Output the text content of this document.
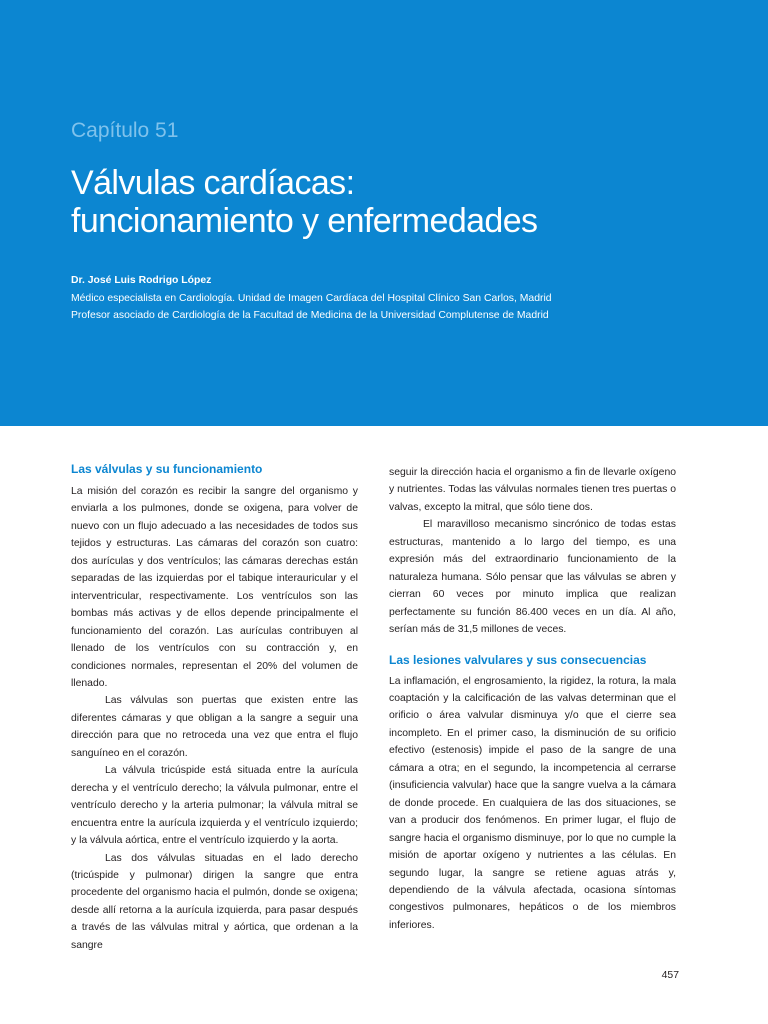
Capítulo 51
Válvulas cardíacas:
funcionamiento y enfermedades
Dr. José Luis Rodrigo López
Médico especialista en Cardiología. Unidad de Imagen Cardíaca del Hospital Clínico San Carlos, Madrid
Profesor asociado de Cardiología de la Facultad de Medicina de la Universidad Complutense de Madrid
Las válvulas y su funcionamiento

La misión del corazón es recibir la sangre del organismo y enviarla a los pulmones, donde se oxigena, para volver de nuevo con un flujo adecuado a las necesidades de todos sus tejidos y estructuras. Las cámaras del corazón son cuatro: dos aurículas y dos ventrículos; las cámaras derechas están separadas de las izquierdas por el tabique interauricular y el interventricular, respectivamente. Los ventrículos son las bombas más activas y de ellos depende principalmente el funcionamiento del corazón. Las aurículas contribuyen al llenado de los ventrículos con su contracción y, en condiciones normales, representan el 20% del volumen de llenado.

Las válvulas son puertas que existen entre las diferentes cámaras y que obligan a la sangre a seguir una dirección para que no retroceda una vez que entra el flujo sanguíneo en el corazón.

La válvula tricúspide está situada entre la aurícula derecha y el ventrículo derecho; la válvula pulmonar, entre el ventrículo derecho y la arteria pulmonar; la válvula mitral se encuentra entre la aurícula izquierda y el ventrículo izquierdo; y la válvula aórtica, entre el ventrículo izquierdo y la aorta.

Las dos válvulas situadas en el lado derecho (tricúspide y pulmonar) dirigen la sangre que entra procedente del organismo hacia el pulmón, donde se oxigena; desde allí retorna a la aurícula izquierda, para pasar después a través de las válvulas mitral y aórtica, que ordenan a la sangre

seguir la dirección hacia el organismo a fin de llevarle oxígeno y nutrientes. Todas las válvulas normales tienen tres puertas o valvas, excepto la mitral, que sólo tiene dos.

El maravilloso mecanismo sincrónico de todas estas estructuras, mantenido a lo largo del tiempo, es una expresión más del extraordinario funcionamiento de la naturaleza humana. Sólo pensar que las válvulas se abren y cierran 60 veces por minuto implica que realizan perfectamente su función 86.400 veces en un día. Al año, serían más de 31,5 millones de veces.

Las lesiones valvulares y sus consecuencias

La inflamación, el engrosamiento, la rigidez, la rotura, la mala coaptación y la calcificación de las valvas determinan que el orificio o área valvular disminuya y/o que el cierre sea incompleto. En el primer caso, la disminución de su orificio efectivo (estenosis) impide el paso de la sangre de una cámara a otra; en el segundo, la incompetencia al cerrarse (insuficiencia valvular) hace que la sangre vuelva a la cámara de donde procede. En cualquiera de las dos situaciones, se van a producir dos fenómenos. En primer lugar, el flujo de sangre hacia el organismo disminuye, por lo que no cumple la misión de aportar oxígeno y nutrientes a las células. En segundo lugar, la sangre se retiene aguas atrás y, dependiendo de la válvula afectada, ocasiona síntomas congestivos pulmonares, hepáticos o de los miembros inferiores.

457
